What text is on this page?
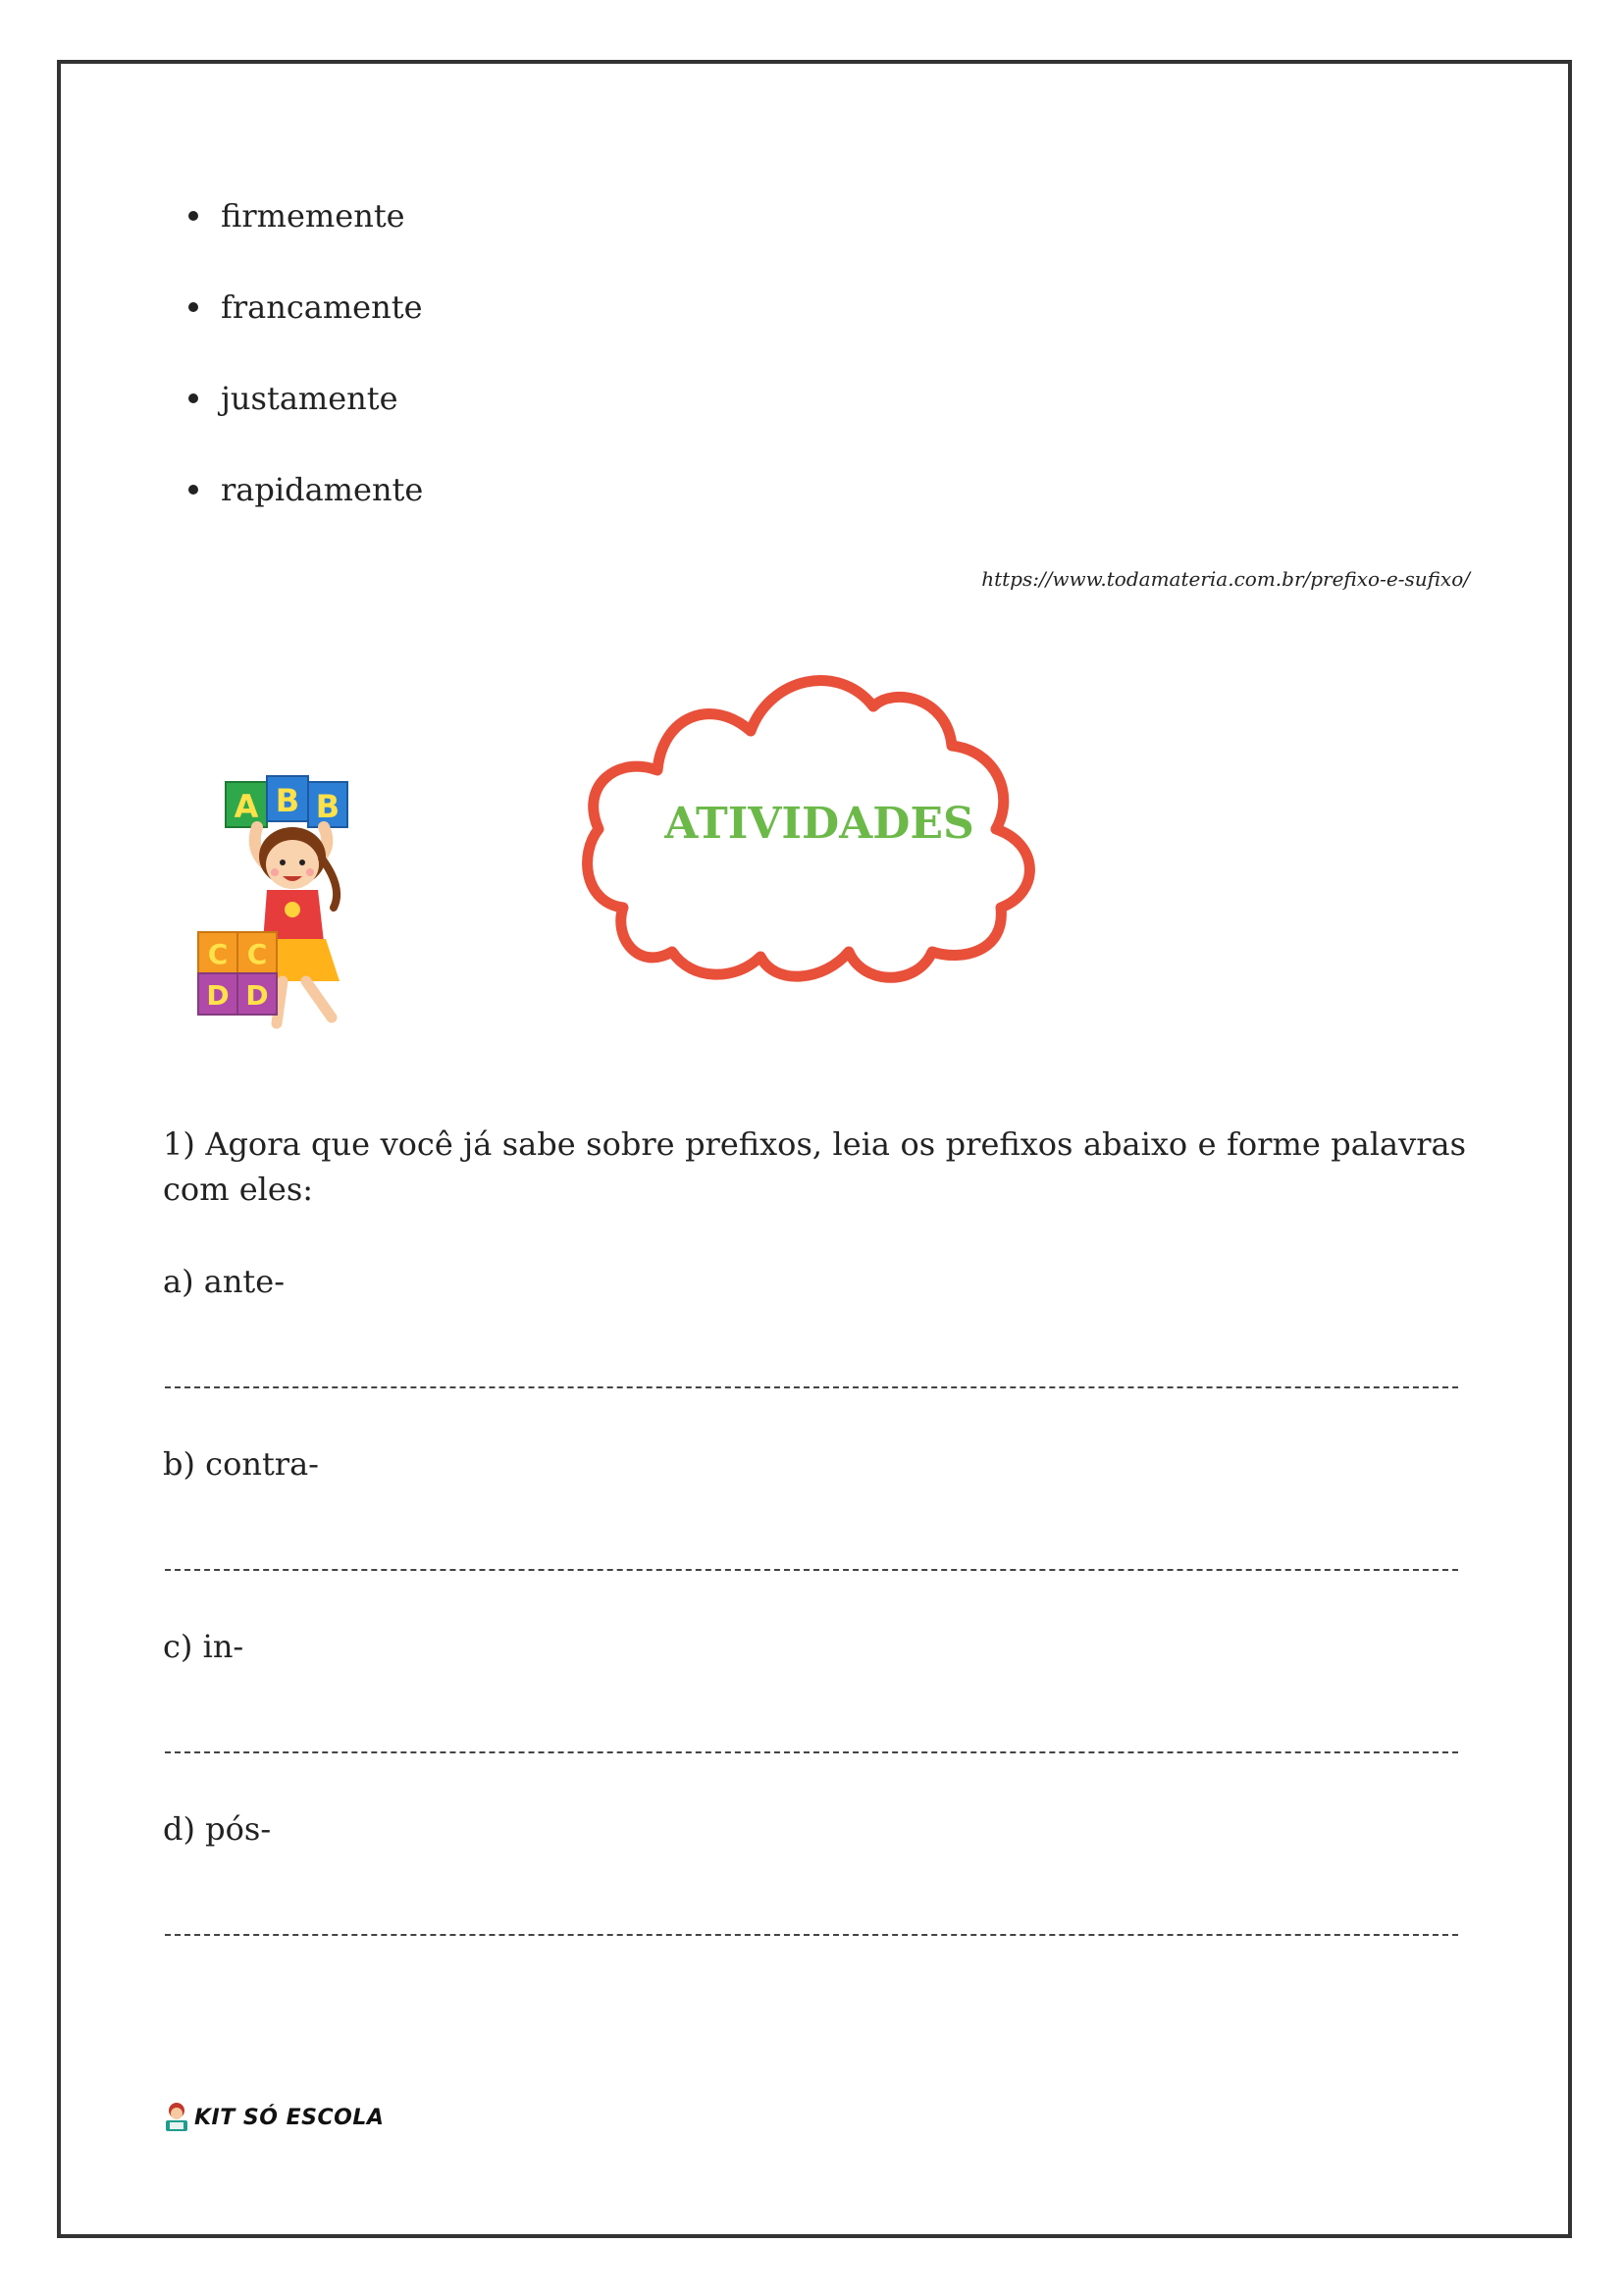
firmemente
francamente
justamente
rapidamente
https://www.todamateria.com.br/prefixo-e-sufixo/
A B B
C C
D D
ATIVIDADES
1) Agora que você já sabe sobre prefixos, leia os prefixos abaixo e forme palavras com eles:
a) ante-
b) contra-
c) in-
d) pós-
KIT SÓ ESCOLA
